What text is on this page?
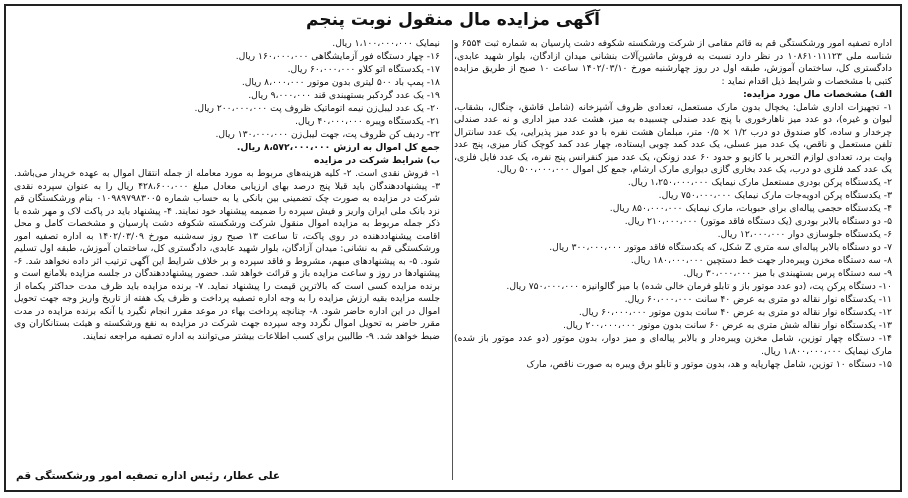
آگهی مزایده مال منقول نوبت پنجم

اداره تصفیه امور ورشکستگی قم به قائم مقامی از شرکت ورشکسته شکوفه دشت پارسیان به شماره ثبت ۶۵۵۴ و شناسه ملی ۱۰۸۶۱۰۱۱۱۲۳ در نظر دارد نسبت به فروش ماشین‌آلات بنشانی میدان ازادگان، بلوار شهید عابدی، دادگستری کل، ساختمان آموزش، طبقه اول در روز چهارشنبه مورخ ۱۴۰۲/۰۳/۱۰ ساعت ۱۰ صبح از طریق مزایده کتبی با مشخصات و شرایط ذیل اقدام نماید :

الف) مشخصات مال مورد مزایده:

۱- تجهیزات اداری شامل: یخچال بدون مارک مستعمل، تعدادی ظروف آشپزخانه (شامل قاشق، چنگال، بشقاب، لیوان و غیره)، دو عدد میز ناهارخوری با پنج عدد صندلی چسبیده به میز، هشت عدد میز اداری و نه عدد صندلی چرخدار و ساده، کاو صندوق دو درب ۱/۲ × ۰/۵ متر، مبلمان هشت نفره با دو عدد میز پذیرایی، یک عدد سانترال تلفن مستعمل و ناقص، یک عدد میز عسلی، یک عدد کمد چوبی ایستاده، چهار عدد کمد کوچک کنار میزی، پنج عدد وایت برد، تعدادی لوازم التحریر با کازیو و حدود ۶۰ عدد زونکن، یک عدد میز کنفرانس پنج نفره، یک عدد فایل فلزی، یک عدد کمد فلزی دو درب، یک عدد بخاری گازی دیواری مارک ارشام، جمع کل اموال ۵۰۰،۰۰۰،۰۰۰ ریال.

۲- یکدستگاه پرکن بودری مستعمل مارک نیمایک ۱،۲۵۰،۰۰۰،۰۰۰ ریال.

۳- یکدستگاه پرکن ادویه‌جات مارک نیمایک ۷۵۰،۰۰۰،۰۰۰ ریال.

۴- یکدستگاه حجمی پیاله‌ای برای حبوبات، مارک نیمایک ۸۵۰،۰۰۰،۰۰۰ ریال.

۵- دو دستگاه بالابر بودری (یک دستگاه فاقد موتور) ۲۱۰،۰۰۰،۰۰۰ ریال.

۶- یکدستگاه جلوسازی دوار ۱۲،۰۰۰،۰۰۰ ریال.

۷- دو دستگاه بالابر پیاله‌ای سه متری Z شکل، که یکدستگاه فاقد موتور ۳۰۰،۰۰۰،۰۰۰ ریال.

۸- سه دستگاه مخزن ویبره‌دار جهت خط دستچین ۱۸۰،۰۰۰،۰۰۰ ریال.

۹- سه دستگاه پرس بستهبندی با میز ۳۰،۰۰۰،۰۰۰ ریال.

۱۰- دستگاه پرکن پت، (دو عدد موتور باز و تابلو فرمان خالی شده) با میز گالوانیزه ۷۵۰،۰۰۰،۰۰۰ ریال.

۱۱- یکدستگاه نوار نقاله دو متری به عرض ۴۰ سانت ۶۰،۰۰۰،۰۰۰ ریال.

۱۲- یکدستگاه نوار نقاله دو متری به عرض ۴۰ سانت بدون موتور ۶۰،۰۰۰،۰۰۰ ریال.

۱۳- یکدستگاه نوار نقاله شش متری به عرض ۶۰ سانت بدون موتور ۲۰۰،۰۰۰،۰۰۰ ریال.

۱۴- دستگاه چهار توزین، شامل مخزن ویبره‌دار و بالابر پیاله‌ای و میز دوار، بدون موتور (دو عدد موتور باز شده) مارک نیمایک ۱،۸۰۰،۰۰۰،۰۰۰ ریال.

۱۵- دستگاه ۱۰ توزین، شامل چهارپایه و هد، بدون موتور و تابلو برق ویبره به صورت ناقص، مارک

نیمایک ۱،۱۰۰،۰۰۰،۰۰۰ ریال.

۱۶- چهار دستگاه فور آزمایشگاهی ۱۶۰،۰۰۰،۰۰۰ ریال.

۱۷- یکدستگاه اتو کلاو ۶۰،۰۰۰،۰۰۰ ریال.

۱۸- پمپ باد ۵۰۰ لیتری بدون موتور ۸،۰۰۰،۰۰۰ ریال.

۱۹- یک عدد گردکبر بستهبندی قند ۹،۰۰۰،۰۰۰ ریال.

۲۰- یک عدد لیبل‌زن نیمه اتوماتیک ظروف پت ۲۰۰،۰۰۰،۰۰۰ ریال.

۲۱- یکدستگاه ویبره ۴۰،۰۰۰،۰۰۰ ریال.

۲۲- ردیف کن ظروف پت، جهت لیبل‌زن ۱۳۰،۰۰۰،۰۰۰ ریال.

جمع کل اموال به ارزش ۸،۵۷۲،۰۰۰،۰۰۰ ریال.

ب) شرایط شرکت در مزایده

۱- فروش نقدی است. ۲- کلیه هزینه‌های مربوط به مورد معامله از جمله انتقال اموال به عهده خریدار می‌باشد. ۳- پیشنهاددهندگان باید قبلا پنج درصد بهای ارزیابی معادل مبلغ ۴۲۸،۶۰۰،۰۰۰ ریال را به عنوان سپرده نقدی شرکت در مزایده به صورت چک تضمینی بین بانکی یا به حساب شماره ۰۱۰۹۸۹۷۹۸۳۰۰۵ بنام ورشکستگان قم نزد بانک ملی ایران واریز و فیش سپرده را ضمیمه پیشنهاد خود نمایند. ۴- پیشنهاد باید در پاکت لاک و مهر شده با ذکر جمله مربوط به مزایده اموال منقول شرکت ورشکسته شکوفه دشت پارسیان و مشخصات کامل و محل اقامت پیشنهاددهنده در روی پاکت، تا ساعت ۱۳ صبح روز سه‌شنبه مورخ ۱۴۰۲/۰۳/۰۹ به اداره تصفیه امور ورشکستگی قم به نشانی: میدان آزادگان، بلوار شهید عابدی، دادگستری کل، ساختمان آموزش، طبقه اول تسلیم شود. ۵- به پیشنهادهای مبهم، مشروط و فاقد سپرده و بر خلاف شرایط این آگهی ترتیب اثر داده نخواهد شد. ۶- پیشنهادها در روز و ساعت مزایده باز و قرائت خواهد شد. حضور پیشنهاددهندگان در جلسه مزایده بلامانع است و برنده مزایده کسی است که بالاترین قیمت را پیشنهاد نماید. ۷- برنده مزایده باید ظرف مدت حداکثر یکماه از جلسه مزایده بقیه ارزش مزایده را به وجه اداره تصفیه پرداخت و ظرف یک هفته از تاریخ واریز وجه جهت تحویل اموال در این اداره حاضر شود. ۸- چنانچه پرداخت بهاء در موعد مقرر انجام نگیرد یا آنکه برنده مزایده در مدت مقرر حاضر به تحویل اموال نگردد وجه سپرده جهت شرکت در مزایده به نفع ورشکسته و هیئت بستانکاران وی ضبط خواهد شد. ۹- طالبین برای کسب اطلاعات بیشتر می‌توانند به اداره تصفیه مراجعه نمایند.

علی عطار، رئیس اداره تصفیه امور ورشکستگی قم
